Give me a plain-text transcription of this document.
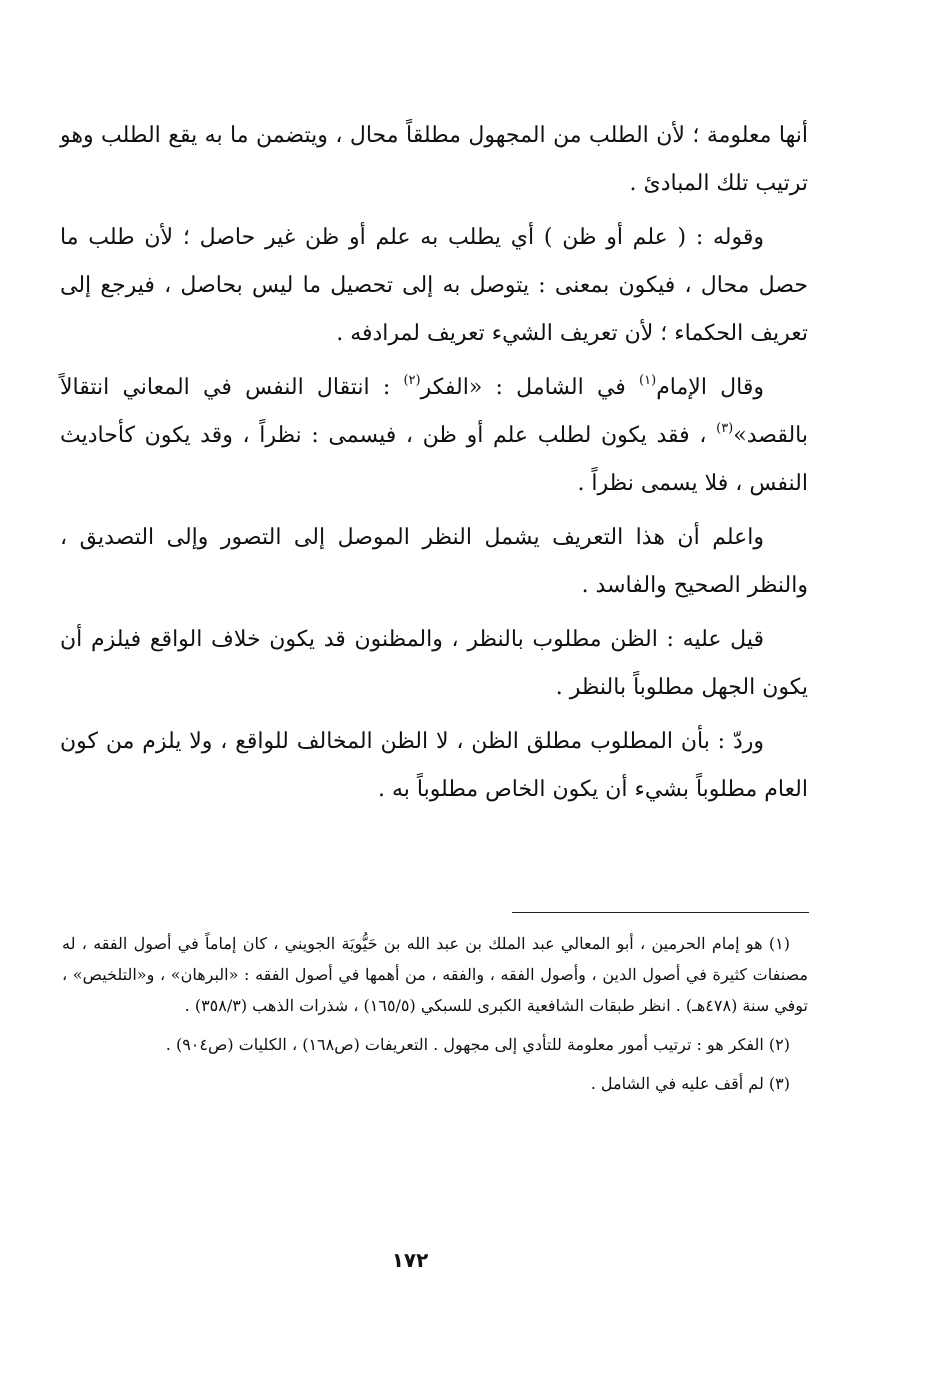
أنها معلومة ؛ لأن الطلب من المجهول مطلقاً محال ، ويتضمن ما به يقع الطلب وهو ترتيب تلك المبادئ .

وقوله : ( علم أو ظن ) أي يطلب به علم أو ظن غير حاصل ؛ لأن طلب ما حصل محال ، فيكون بمعنى : يتوصل به إلى تحصيل ما ليس بحاصل ، فيرجع إلى تعريف الحكماء ؛ لأن تعريف الشيء تعريف لمرادفه .

وقال الإمام$^{(١)}$ في الشامل : «الفكر$^{(٢)}$ : انتقال النفس في المعاني انتقالاً بالقصد»$^{(٣)}$ ، فقد يكون لطلب علم أو ظن ، فيسمى : نظراً ، وقد يكون كأحاديث النفس ، فلا يسمى نظراً .

واعلم أن هذا التعريف يشمل النظر الموصل إلى التصور وإلى التصديق ، والنظر الصحيح والفاسد .

قيل عليه : الظن مطلوب بالنظر ، والمظنون قد يكون خلاف الواقع فيلزم أن يكون الجهل مطلوباً بالنظر .

وردّ : بأن المطلوب مطلق الظن ، لا الظن المخالف للواقع ، ولا يلزم من كون العام مطلوباً بشيء أن يكون الخاص مطلوباً به .

(١) هو إمام الحرمين ، أبو المعالي عبد الملك بن عبد الله بن حَيُّويَة الجويني ، كان إماماً في أصول الفقه ، له مصنفات كثيرة في أصول الدين ، وأصول الفقه ، والفقه ، من أهمها في أصول الفقه : «البرهان» ، و«التلخيص» ، توفي سنة (٤٧٨هـ) . انظر طبقات الشافعية الكبرى للسبكي (١٦٥/٥) ، شذرات الذهب (٣٥٨/٣) .

(٢) الفكر هو : ترتيب أمور معلومة للتأدي إلى مجهول . التعريفات (ص١٦٨) ، الكليات (ص٩٠٤) .

(٣) لم أقف عليه في الشامل .

١٧٢
